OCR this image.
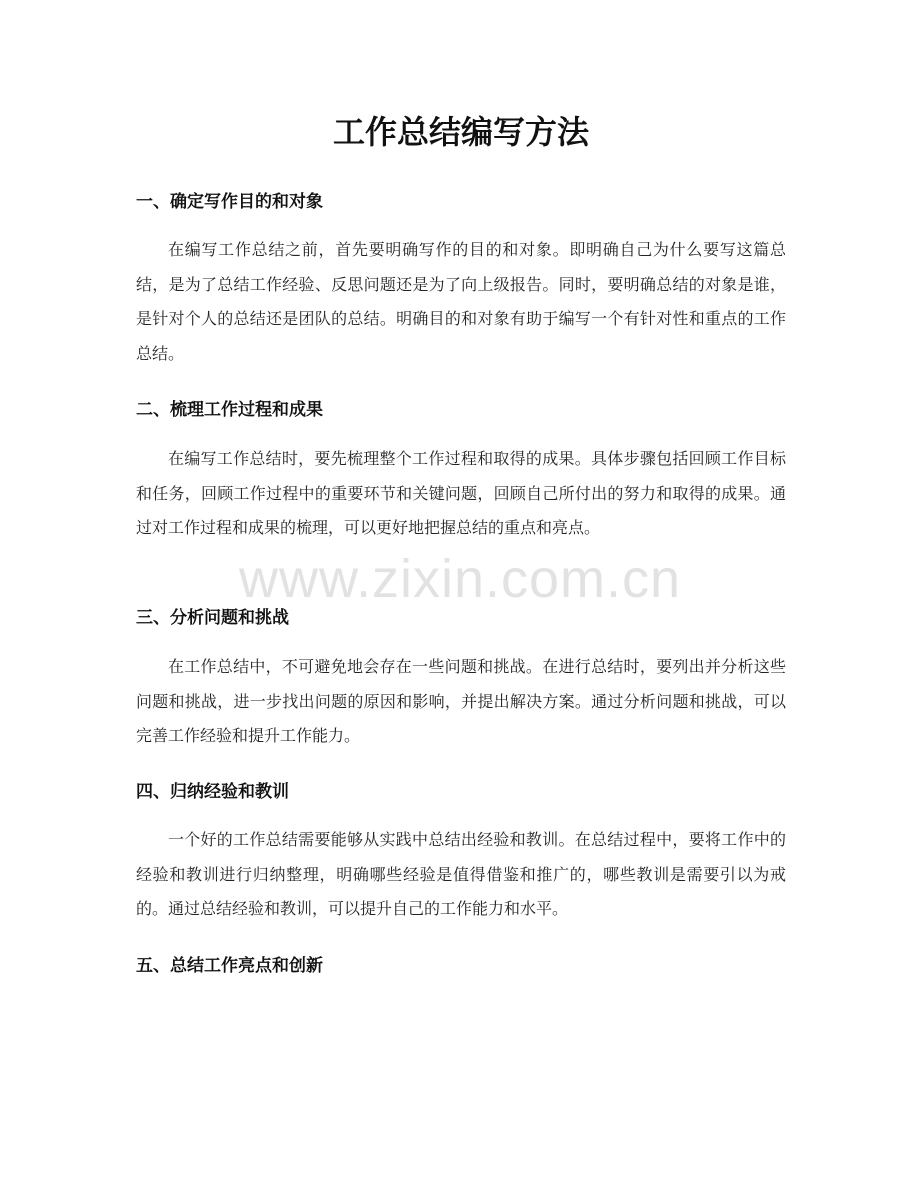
工作总结编写方法
一、确定写作目的和对象

在编写工作总结之前，首先要明确写作的目的和对象。即明确自己为什么要写这篇总结，是为了总结工作经验、反思问题还是为了向上级报告。同时，要明确总结的对象是谁，是针对个人的总结还是团队的总结。明确目的和对象有助于编写一个有针对性和重点的工作总结。

二、梳理工作过程和成果

在编写工作总结时，要先梳理整个工作过程和取得的成果。具体步骤包括回顾工作目标和任务，回顾工作过程中的重要环节和关键问题，回顾自己所付出的努力和取得的成果。通过对工作过程和成果的梳理，可以更好地把握总结的重点和亮点。

三、分析问题和挑战

在工作总结中，不可避免地会存在一些问题和挑战。在进行总结时，要列出并分析这些问题和挑战，进一步找出问题的原因和影响，并提出解决方案。通过分析问题和挑战，可以完善工作经验和提升工作能力。

四、归纳经验和教训

一个好的工作总结需要能够从实践中总结出经验和教训。在总结过程中，要将工作中的经验和教训进行归纳整理，明确哪些经验是值得借鉴和推广的，哪些教训是需要引以为戒的。通过总结经验和教训，可以提升自己的工作能力和水平。

五、总结工作亮点和创新
www.zixin.com.cn
